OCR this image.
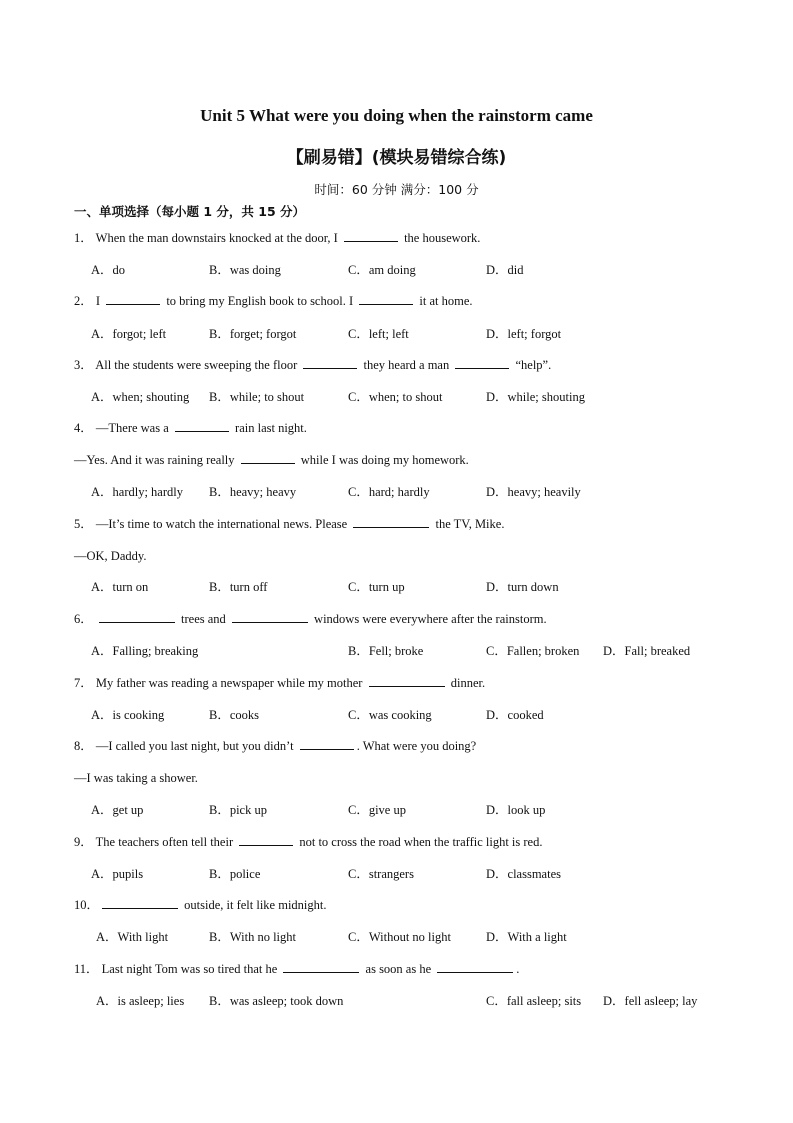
Unit 5 What were you doing when the rainstorm came
【刷易错】(模块易错综合练)
时间：60 分钟 满分：100 分
一、单项选择（每小题 1 分，共 15 分）
1． When the man downstairs knocked at the door, I	the housework.
A．do	B．was doing	C．am doing	D．did
2． I	to bring my English book to school. I	it at home.
A．forgot; left	B．forget; forgot	C．left; left	D．left; forgot
3． All the students were sweeping the floor	they heard a man	“help”.
A．when; shouting B．while; to shout	C．when; to shout	D．while; shouting
4． —There was a	rain last night.
—Yes. And it was raining really	while I was doing my homework.
A．hardly; hardly B．heavy; heavy	C．hard; hardly	D．heavy; heavily
5． —It’s time to watch the international news. Please	the TV, Mike.
—OK, Daddy.
A．turn on	B．turn off	C．turn up	D．turn down
6．	trees and	windows were everywhere after the rainstorm.
A．Falling; breaking	B．Fell; broke	C．Fallen; broken D．Fall; breaked
7． My father was reading a newspaper while my mother	dinner.
A．is cooking	B．cooks	C．was cooking	D．cooked
8． —I called you last night, but you didn’t	. What were you doing?
—I was taking a shower.
A．get up	B．pick up	C．give up	D．look up
9． The teachers often tell their	not to cross the road when the traffic light is red.
A．pupils	B．police	C．strangers	D．classmates
10．	outside, it felt like midnight.
A．With light	B．With no light	C．Without no light	D．With a light
11． Last night Tom was so tired that he	as soon as he	.
A．is asleep; lies B．was asleep; took down	C．fall asleep; sits D．fell asleep; lay
